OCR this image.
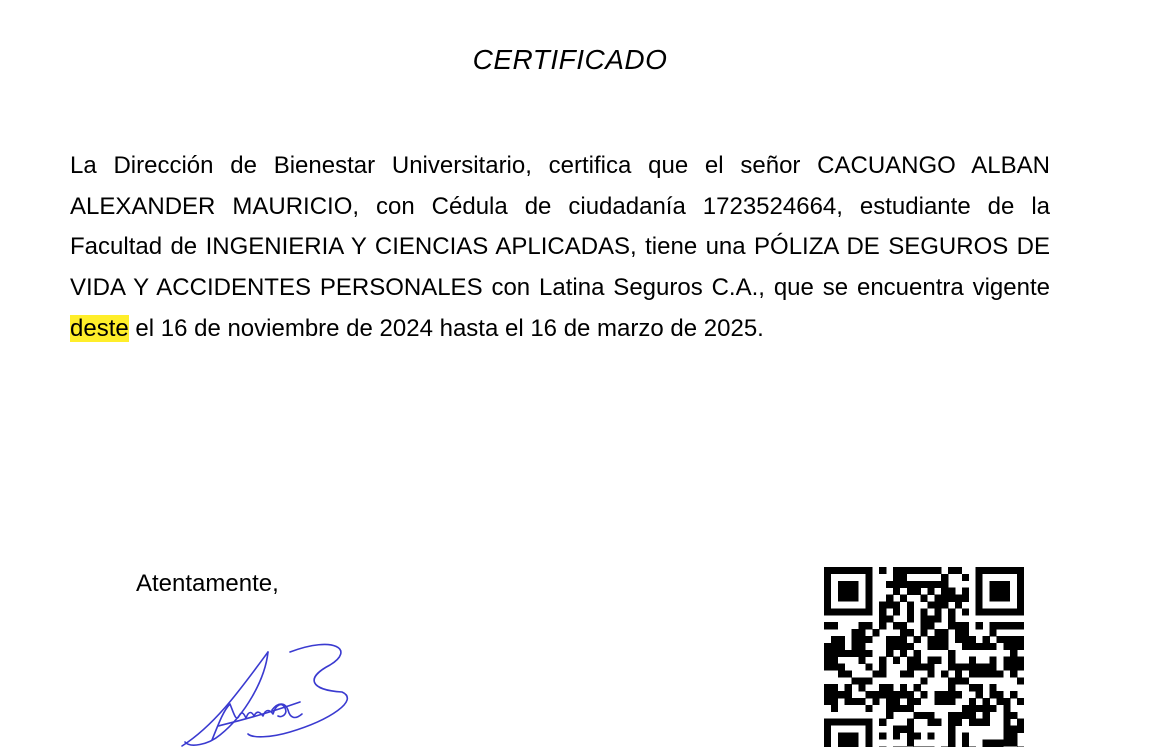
CERTIFICADO

La Dirección de Bienestar Universitario, certifica que el señor CACUANGO ALBAN ALEXANDER MAURICIO, con Cédula de ciudadanía 1723524664, estudiante de la Facultad de INGENIERIA Y CIENCIAS APLICADAS, tiene una PÓLIZA DE SEGUROS DE VIDA Y ACCIDENTES PERSONALES con Latina Seguros C.A., que se encuentra vigente deste el 16 de noviembre de 2024 hasta el 16 de marzo de 2025.

Atentamente,
